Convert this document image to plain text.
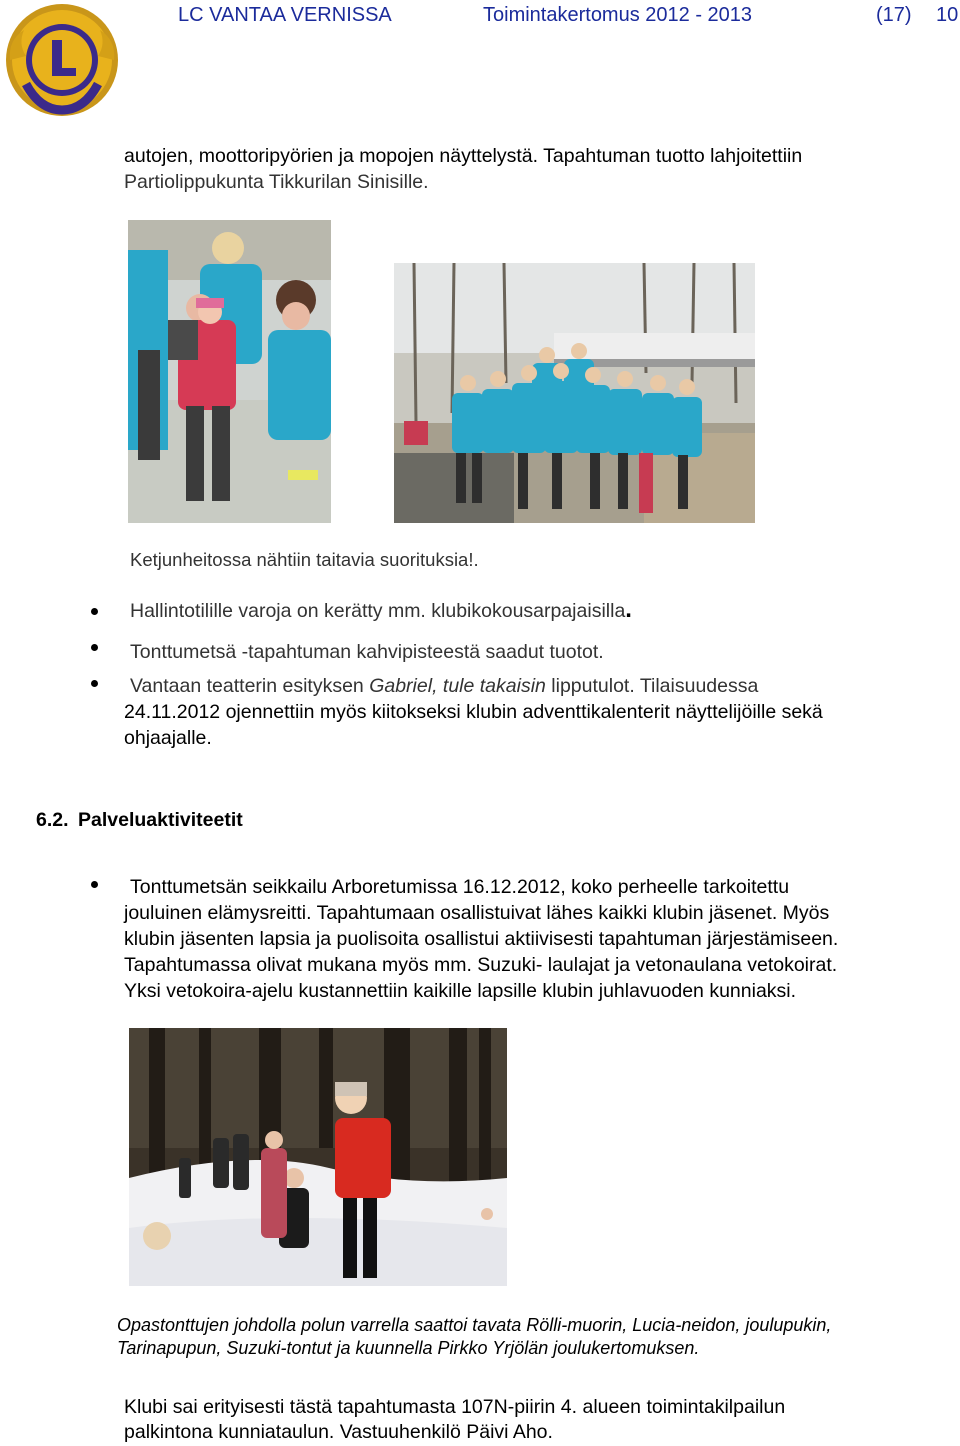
LC VANTAA VERNISSA	Toimintakertomus 2012 - 2013	(17) 10
autojen, moottoripyörien ja mopojen näyttelystä. Tapahtuman tuotto lahjoitettiin
Partiolippukunta Tikkurilan Sinisille.
Ketjunheitossa nähtiin taitavia suorituksia!.
Hallintotilille varoja on kerätty mm. klubikokousarpajaisilla.
Tonttumetsä -tapahtuman kahvipisteestä saadut tuotot.
Vantaan teatterin esityksen Gabriel, tule takaisin lipputulot. Tilaisuudessa
24.11.2012 ojennettiin myös kiitokseksi klubin adventtikalenterit näyttelijöille sekä
ohjaajalle.
6.2. Palveluaktiviteetit
Tonttumetsän seikkailu Arboretumissa 16.12.2012, koko perheelle tarkoitettu
jouluinen elämysreitti. Tapahtumaan osallistuivat lähes kaikki klubin jäsenet. Myös
klubin jäsenten lapsia ja puolisoita osallistui aktiivisesti tapahtuman järjestämiseen.
Tapahtumassa olivat mukana myös mm. Suzuki- laulajat ja vetonaulana vetokoirat.
Yksi vetokoira-ajelu kustannettiin kaikille lapsille klubin juhlavuoden kunniaksi.
Opastonttujen johdolla polun varrella saattoi tavata Rölli-muorin, Lucia-neidon, joulupukin,
Tarinapupun, Suzuki-tontut ja kuunnella Pirkko Yrjölän joulukertomuksen.
Klubi sai erityisesti tästä tapahtumasta 107N-piirin 4. alueen toimintakilpailun
palkintona kunniataulun. Vastuuhenkilö Päivi Aho.
